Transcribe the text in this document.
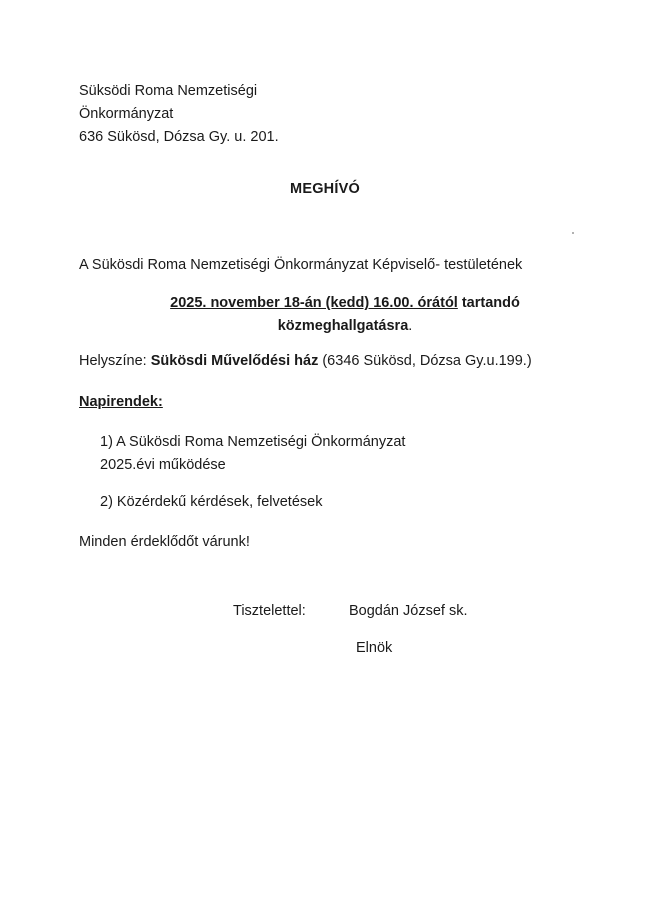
Süksödi Roma Nemzetiségi
Önkormányzat
636 Sükösd, Dózsa Gy. u. 201.
MEGHÍVÓ
A Sükösdi Roma Nemzetiségi Önkormányzat Képviselő- testületének
2025. november 18-án (kedd) 16.00. órától tartandó
közmeghallgatásra.
Helyszíne: Sükösdi Művelődési ház (6346 Sükösd, Dózsa Gy.u.199.)
Napirendek:
1) A Sükösdi Roma Nemzetiségi Önkormányzat
2025.évi működése
2) Közérdekű kérdések, felvetések
Minden érdeklődőt várunk!
Tisztelettel:	Bogdán József sk.
Elnök
